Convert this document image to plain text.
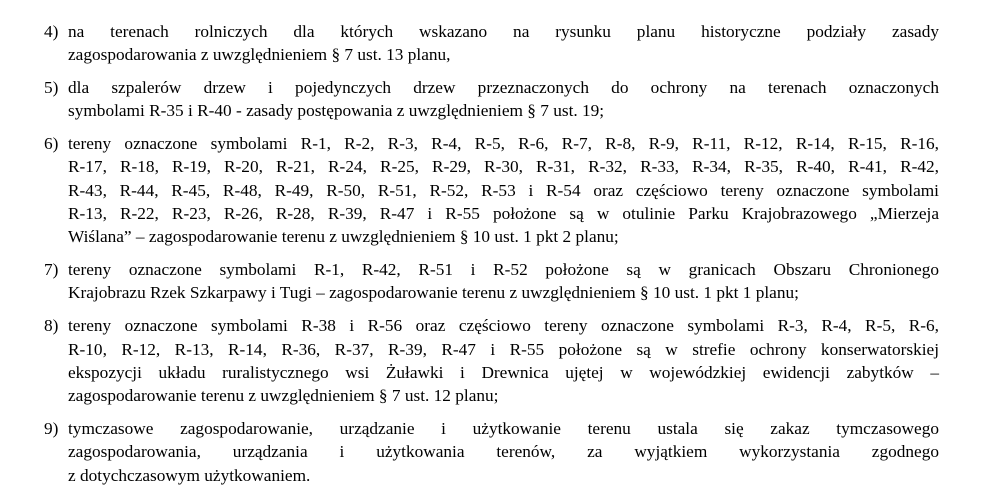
4) na terenach rolniczych dla których wskazano na rysunku planu historyczne podziały zasady
zagospodarowania z uwzględnieniem § 7 ust. 13 planu,
5) dla szpalerów drzew i pojedynczych drzew przeznaczonych do ochrony na terenach oznaczonych
symbolami R-35 i R-40 - zasady postępowania z uwzględnieniem § 7 ust. 19;
6) tereny oznaczone symbolami R-1, R-2, R-3, R-4, R-5, R-6, R-7, R-8, R-9, R-11, R-12, R-14, R-15, R-16,
R-17, R-18, R-19, R-20, R-21, R-24, R-25, R-29, R-30, R-31, R-32, R-33, R-34, R-35, R-40, R-41, R-42,
R-43, R-44, R-45, R-48, R-49, R-50, R-51, R-52, R-53 i R-54 oraz częściowo tereny oznaczone symbolami
R-13, R-22, R-23, R-26, R-28, R-39, R-47 i R-55 położone są w otulinie Parku Krajobrazowego „Mierzeja
Wiślana” – zagospodarowanie terenu z uwzględnieniem § 10 ust. 1 pkt 2 planu;
7) tereny oznaczone symbolami R-1, R-42, R-51 i R-52 położone są w granicach Obszaru Chronionego
Krajobrazu Rzek Szkarpawy i Tugi – zagospodarowanie terenu z uwzględnieniem § 10 ust. 1 pkt 1 planu;
8) tereny oznaczone symbolami R-38 i R-56 oraz częściowo tereny oznaczone symbolami R-3, R-4, R-5, R-6,
R-10, R-12, R-13, R-14, R-36, R-37, R-39, R-47 i R-55 położone są w strefie ochrony konserwatorskiej
ekspozycji układu ruralistycznego wsi Żuławki i Drewnica ujętej w wojewódzkiej ewidencji zabytków –
zagospodarowanie terenu z uwzględnieniem § 7 ust. 12 planu;
9) tymczasowe zagospodarowanie, urządzanie i użytkowanie terenu ustala się zakaz tymczasowego
zagospodarowania, urządzania i użytkowania terenów, za wyjątkiem wykorzystania zgodnego
z dotychczasowym użytkowaniem.
